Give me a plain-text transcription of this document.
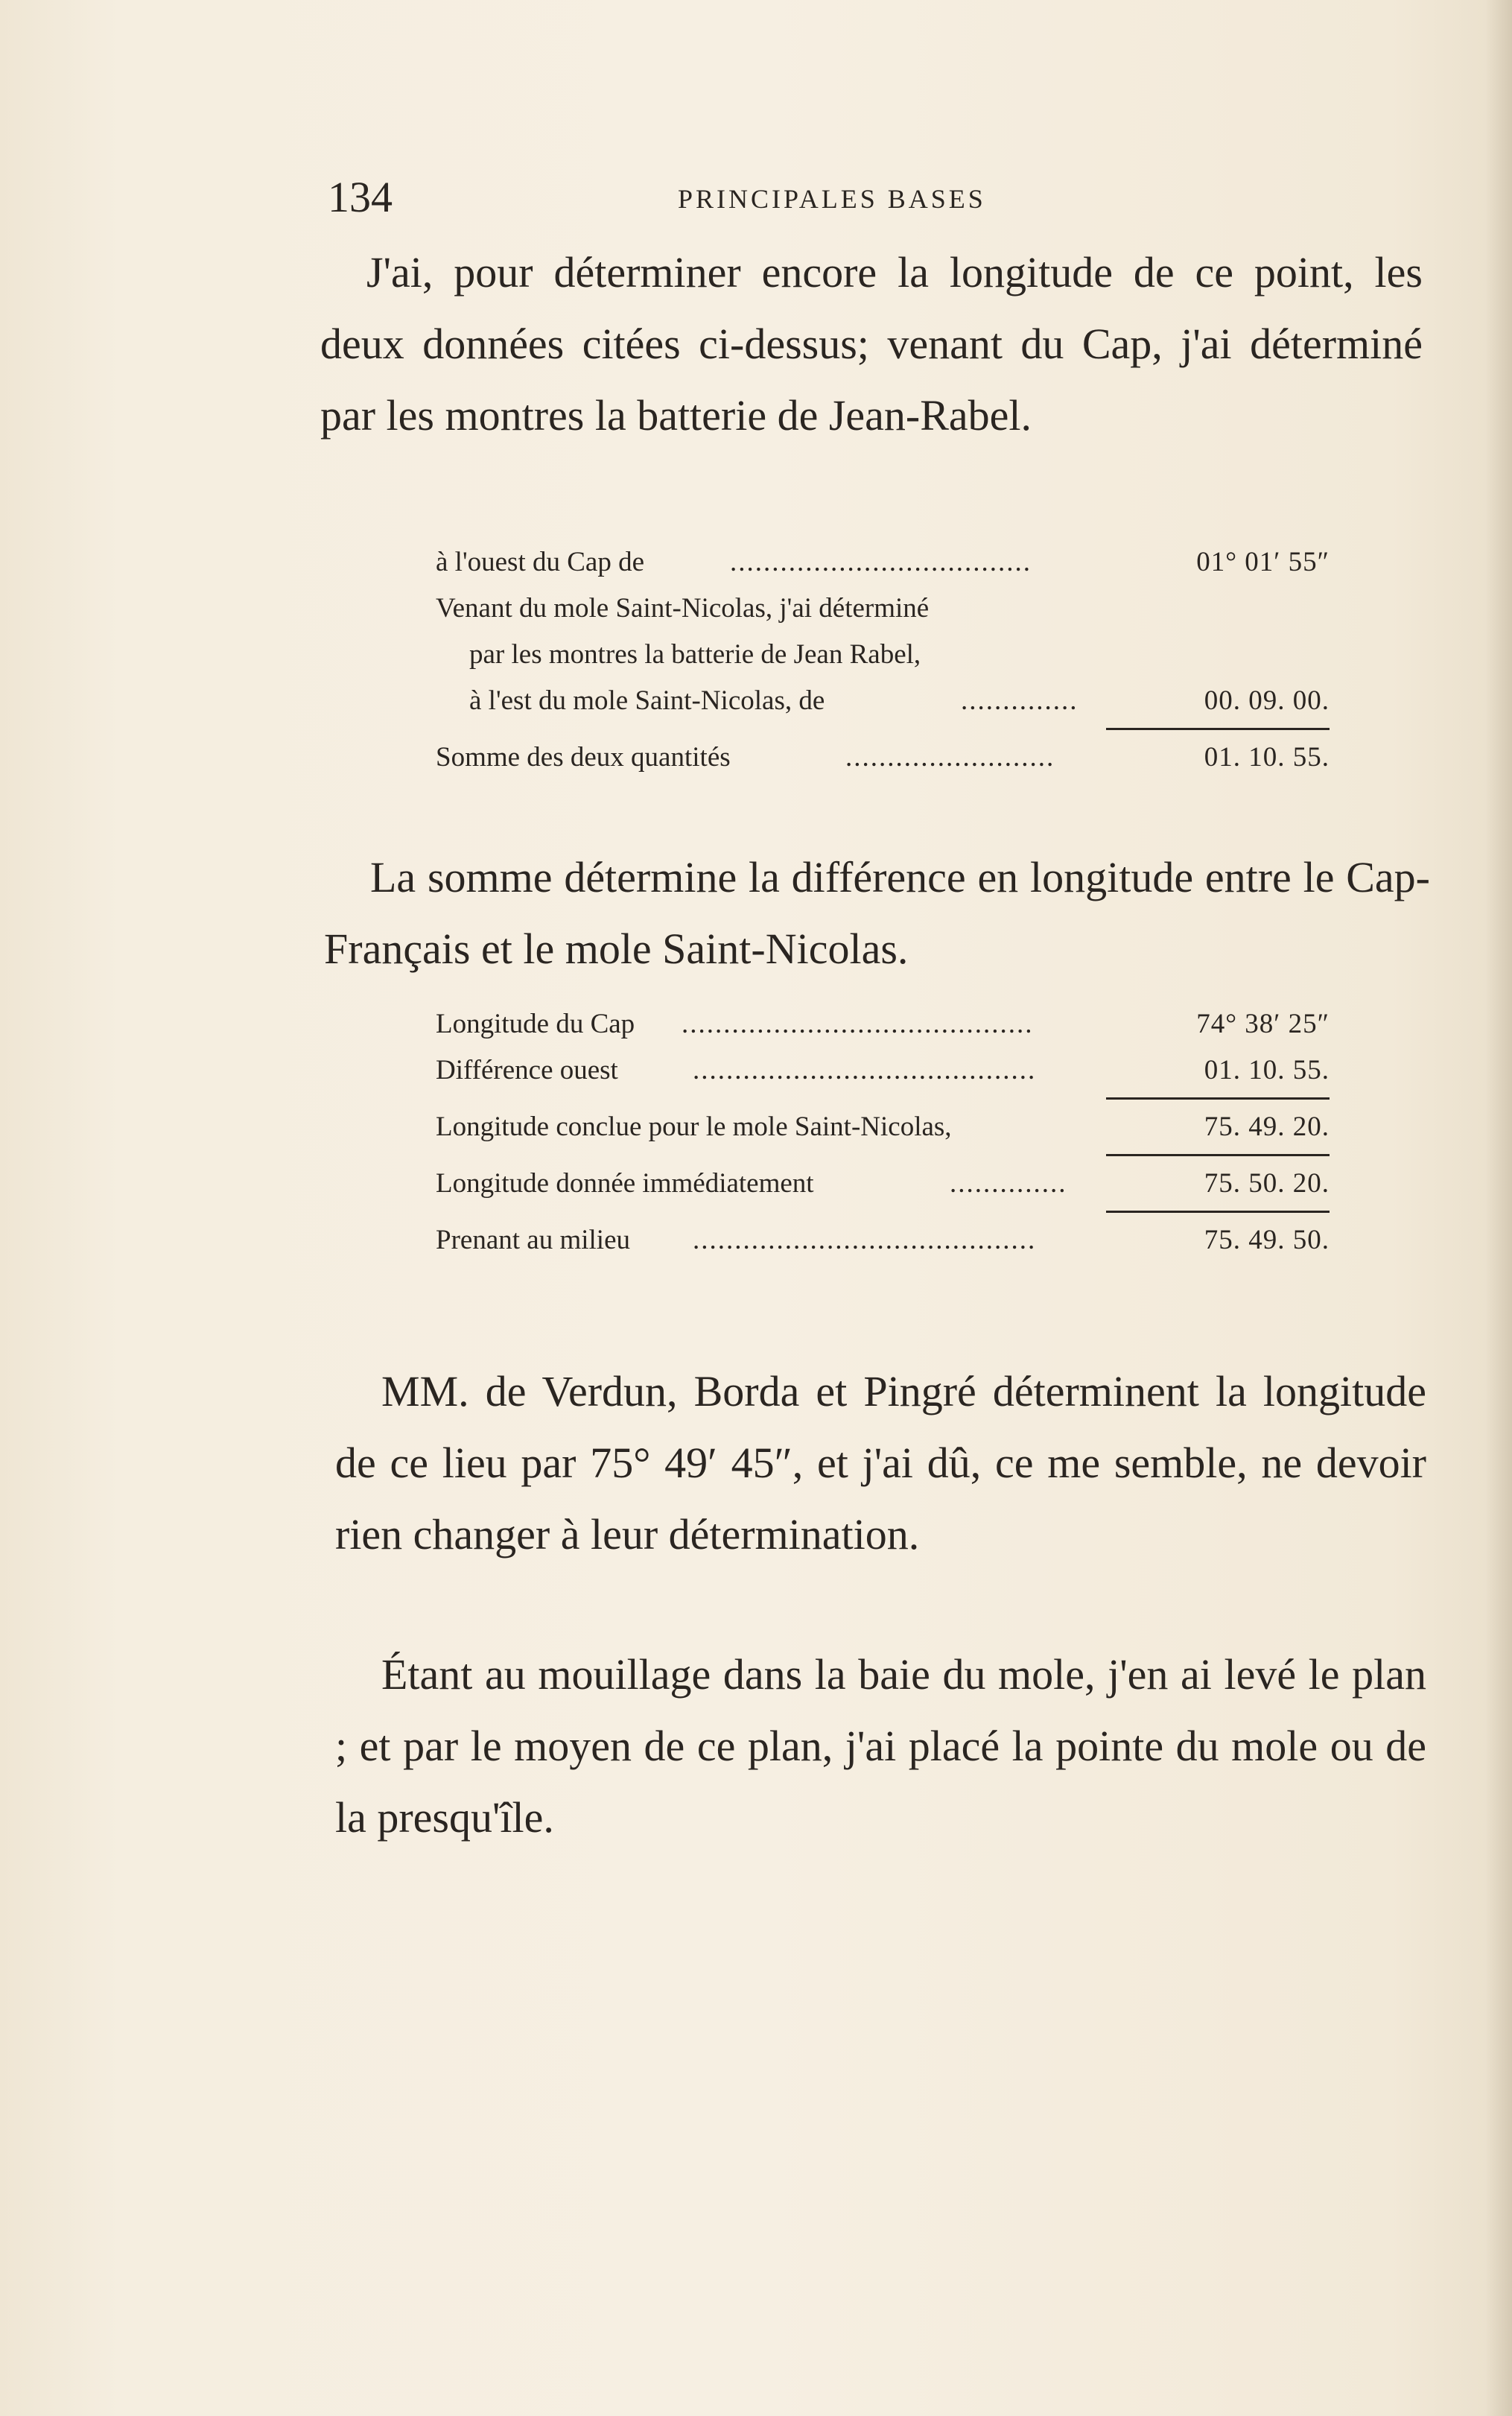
134	PRINCIPALES BASES

J'ai, pour déterminer encore la longitude de ce point, les deux données citées ci-dessus; venant du Cap, j'ai déterminé par les montres la batterie de Jean-Rabel.

à l'ouest du Cap de	....................................	01° 01′ 55″
Venant du mole Saint-Nicolas, j'ai déterminé
par les montres la batterie de Jean Rabel,
à l'est du mole Saint-Nicolas, de	..............	00. 09. 00.
Somme des deux quantités	.........................	01. 10. 55.

La somme détermine la différence en longitude entre le Cap-Français et le mole Saint-Nicolas.

Longitude du Cap ..........................................	74° 38′ 25″
Différence ouest	.........................................	01. 10. 55.
Longitude conclue pour le mole Saint-Nicolas,	75. 49. 20.
Longitude donnée immédiatement	..............	75. 50. 20.
Prenant au milieu .........................................	75. 49. 50.

MM. de Verdun, Borda et Pingré déterminent la longitude de ce lieu par 75° 49′ 45″, et j'ai dû, ce me semble, ne devoir rien changer à leur détermination.

Étant au mouillage dans la baie du mole, j'en ai levé le plan ; et par le moyen de ce plan, j'ai placé la pointe du mole ou de la presqu'île.
